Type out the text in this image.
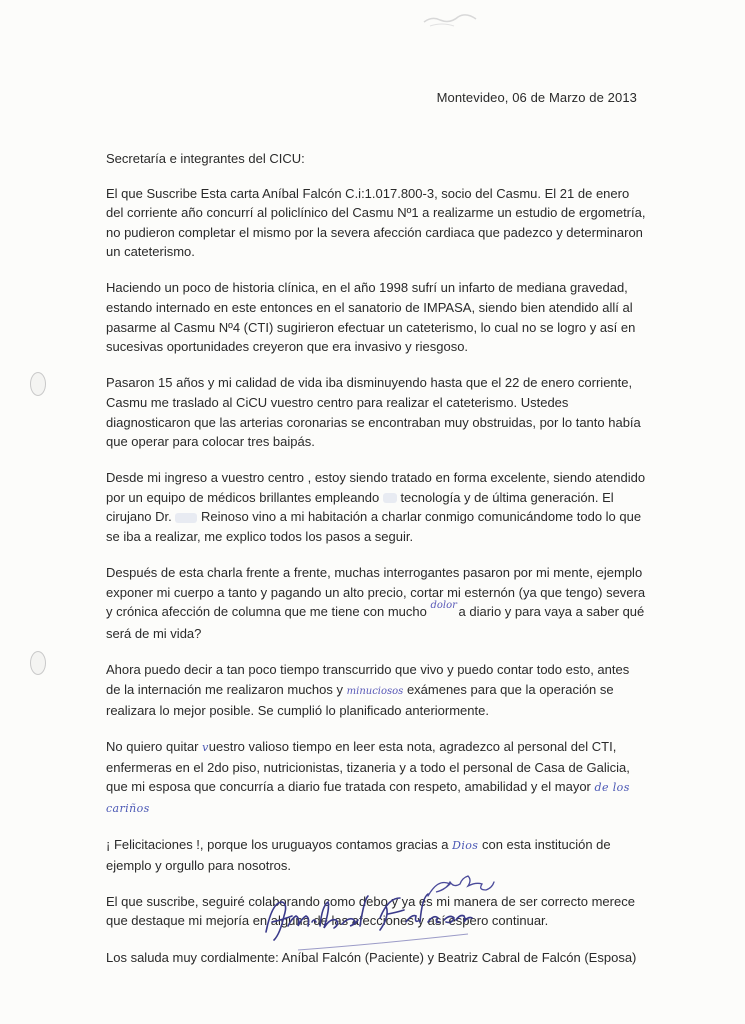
Montevideo, 06 de Marzo de 2013

Secretaría e integrantes del CICU:

El que Suscribe Esta carta Aníbal Falcón C.i:1.017.800-3, socio del Casmu. El 21 de enero del corriente año concurrí al policlínico del Casmu Nº1 a realizarme un estudio de ergometría, no pudieron completar el mismo por la severa afección cardiaca que padezco y determinaron un cateterismo.

Haciendo un poco de historia clínica, en el año 1998 sufrí un infarto de mediana gravedad, estando internado en este entonces en el sanatorio de IMPASA, siendo bien atendido allí al pasarme al Casmu Nº4 (CTI) sugirieron efectuar un cateterismo, lo cual no se logro y así en sucesivas oportunidades creyeron que era invasivo y riesgoso.

Pasaron 15 años y mi calidad de vida iba disminuyendo hasta que el 22 de enero corriente, Casmu me traslado al CiCU vuestro centro para realizar el cateterismo. Ustedes diagnosticaron que las arterias coronarias se encontraban muy obstruidas, por lo tanto había que operar para colocar tres baipás.

Desde mi ingreso a vuestro centro , estoy siendo tratado en forma excelente, siendo atendido por un equipo de médicos brillantes empleando tecnología y de última generación. El cirujano Dr. Reinoso vino a mi habitación a charlar conmigo comunicándome todo lo que se iba a realizar, me explico todos los pasos a seguir.

Después de esta charla frente a frente, muchas interrogantes pasaron por mi mente, ejemplo exponer mi cuerpo a tanto y pagando un alto precio, cortar mi esternón (ya que tengo) severa y crónica afección de columna que me tiene con mucho $^{dolor}$ a diario y para vaya a saber qué será de mi vida?

Ahora puedo decir a tan poco tiempo transcurrido que vivo y puedo contar todo esto, antes de la internación me realizaron muchos y minuciosos exámenes para que la operación se realizara lo mejor posible. Se cumplió lo planificado anteriormente.

No quiero quitar vuestro valioso tiempo en leer esta nota, agradezco al personal del CTI, enfermeras en el 2do piso, nutricionistas, tizaneria y a todo el personal de Casa de Galicia, que mi esposa que concurría a diario fue tratada con respeto, amabilidad y el mayor de los cariños

¡ Felicitaciones !, porque los uruguayos contamos gracias a Dios con esta institución de ejemplo y orgullo para nosotros.

El que suscribe, seguiré colaborando como debo y ya es mi manera de ser correcto merece que destaque mi mejoría en alguna de las afecciones y así espero continuar.

Los saluda muy cordialmente: Aníbal Falcón (Paciente) y Beatriz Cabral de Falcón (Esposa)
